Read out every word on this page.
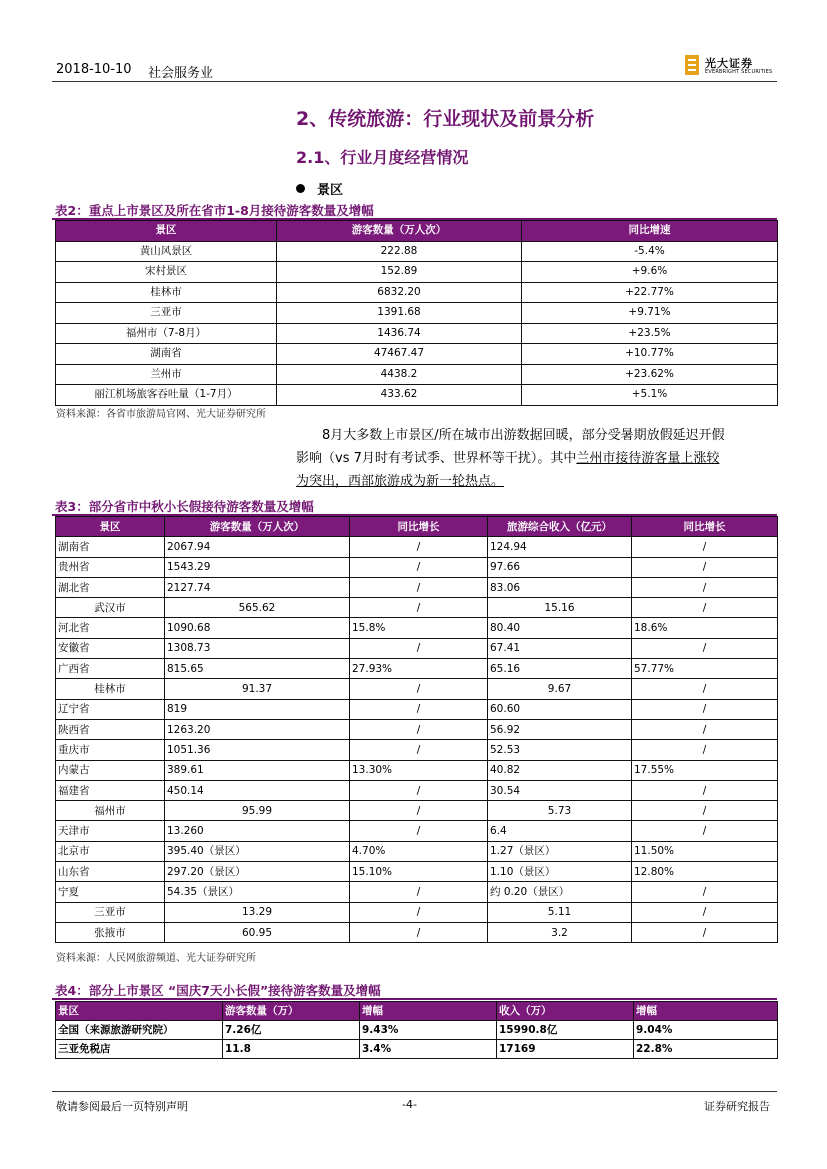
2018-10-10 社会服务业
光大证券
EVERBRIGHT SECURITIES
2、传统旅游：行业现状及前景分析
2.1、行业月度经营情况
景区
表2：重点上市景区及所在省市1-8月接待游客数量及增幅
景区	游客数量（万人次）	同比增速
黄山风景区	222.88	-5.4%
宋村景区	152.89	+9.6%
桂林市	6832.20	+22.77%
三亚市	1391.68	+9.71%
福州市（7-8月）	1436.74	+23.5%
湖南省	47467.47	+10.77%
兰州市	4438.2	+23.62%
丽江机场旅客吞吐量（1-7月）	433.62	+5.1%
资料来源：各省市旅游局官网、光大证券研究所
8月大多数上市景区/所在城市出游数据回暖，部分受暑期放假延迟开假
影响（vs 7月时有考试季、世界杯等干扰）。其中兰州市接待游客量上涨较
为突出，西部旅游成为新一轮热点。
表3：部分省市中秋小长假接待游客数量及增幅
景区	游客数量（万人次）	同比增长	旅游综合收入（亿元）	同比增长
湖南省	2067.94	/	124.94	/
贵州省	1543.29	/	97.66	/
湖北省	2127.74	/	83.06	/
武汉市	565.62	/	15.16	/
河北省	1090.68	15.8%	80.40	18.6%
安徽省	1308.73	/	67.41	/
广西省	815.65	27.93%	65.16	57.77%
桂林市	91.37	/	9.67	/
辽宁省	819	/	60.60	/
陕西省	1263.20	/	56.92	/
重庆市	1051.36	/	52.53	/
内蒙古	389.61	13.30%	40.82	17.55%
福建省	450.14	/	30.54	/
福州市	95.99	/	5.73	/
天津市	13.260	/	6.4	/
北京市	395.40（景区）	4.70%	1.27（景区）	11.50%
山东省	297.20（景区）	15.10%	1.10（景区）	12.80%
宁夏	54.35（景区）	/	约 0.20（景区）	/
三亚市	13.29	/	5.11	/
张掖市	60.95	/	3.2	/
资料来源：人民网旅游频道、光大证券研究所
表4：部分上市景区 “国庆7天小长假”接待游客数量及增幅
景区	游客数量（万）	增幅	收入（万）	增幅
全国（来源旅游研究院）	7.26亿	9.43%	15990.8亿	9.04%
三亚免税店	11.8	3.4%	17169	22.8%
敬请参阅最后一页特别声明	-4-	证券研究报告
